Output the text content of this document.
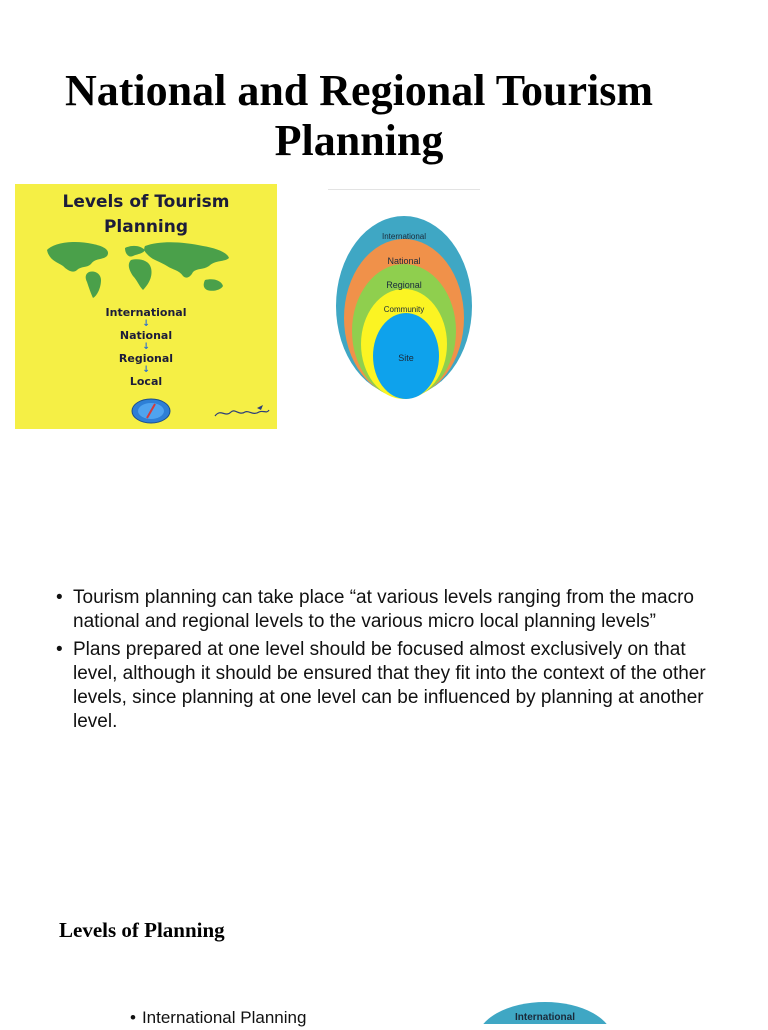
National and Regional Tourism
Planning
Levels of Tourism
Planning
International
↓
National
↓
Regional
↓
Local
International
National
Regional
Community
Site
• Tourism planning can take place “at various levels ranging from the macro national and regional levels to the various micro local planning levels”
• Plans prepared at one level should be focused almost exclusively on that level, although it should be ensured that they fit into the context of the other levels, since planning at one level can be influenced by planning at another level.
Levels of Planning
• International Planning	International
